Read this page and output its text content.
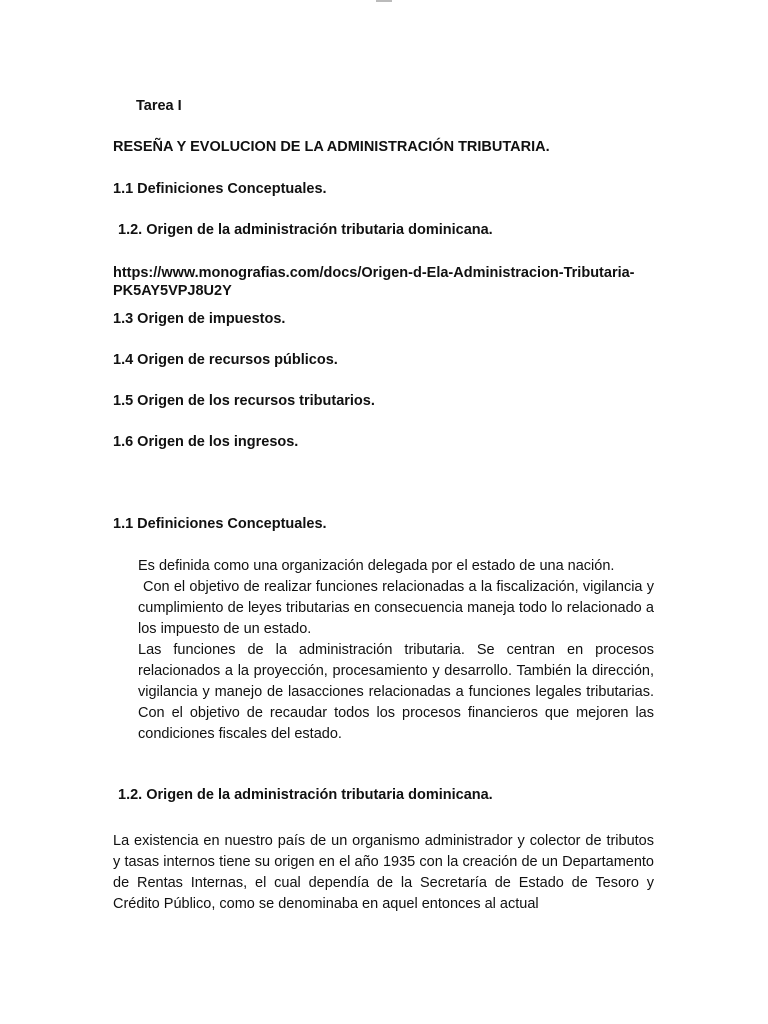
Tarea I
RESEÑA Y EVOLUCION DE LA ADMINISTRACIÓN TRIBUTARIA.
1.1 Definiciones Conceptuales.
1.2. Origen de la administración tributaria dominicana.
https://www.monografias.com/docs/Origen-d-Ela-Administracion-Tributaria-
PK5AY5VPJ8U2Y
1.3 Origen de impuestos.
1.4 Origen de recursos públicos.
1.5 Origen de los recursos tributarios.
1.6 Origen de los ingresos.
1.1 Definiciones Conceptuales.

Es definida como una organización delegada por el estado de una nación.

Con el objetivo de realizar funciones relacionadas a la fiscalización, vigilancia y cumplimiento de leyes tributarias en consecuencia maneja todo lo relacionado a los impuesto de un estado.

Las funciones de la administración tributaria. Se centran en procesos relacionados a la proyección, procesamiento y desarrollo. También la dirección, vigilancia y manejo de lasacciones relacionadas a funciones legales tributarias. Con el objetivo de recaudar todos los procesos financieros que mejoren las condiciones fiscales del estado.

1.2. Origen de la administración tributaria dominicana.

La existencia en nuestro país de un organismo administrador y colector de tributos y tasas internos tiene su origen en el año 1935 con la creación de un Departamento de Rentas Internas, el cual dependía de la Secretaría de Estado de Tesoro y Crédito Público, como se denominaba en aquel entonces al actual
